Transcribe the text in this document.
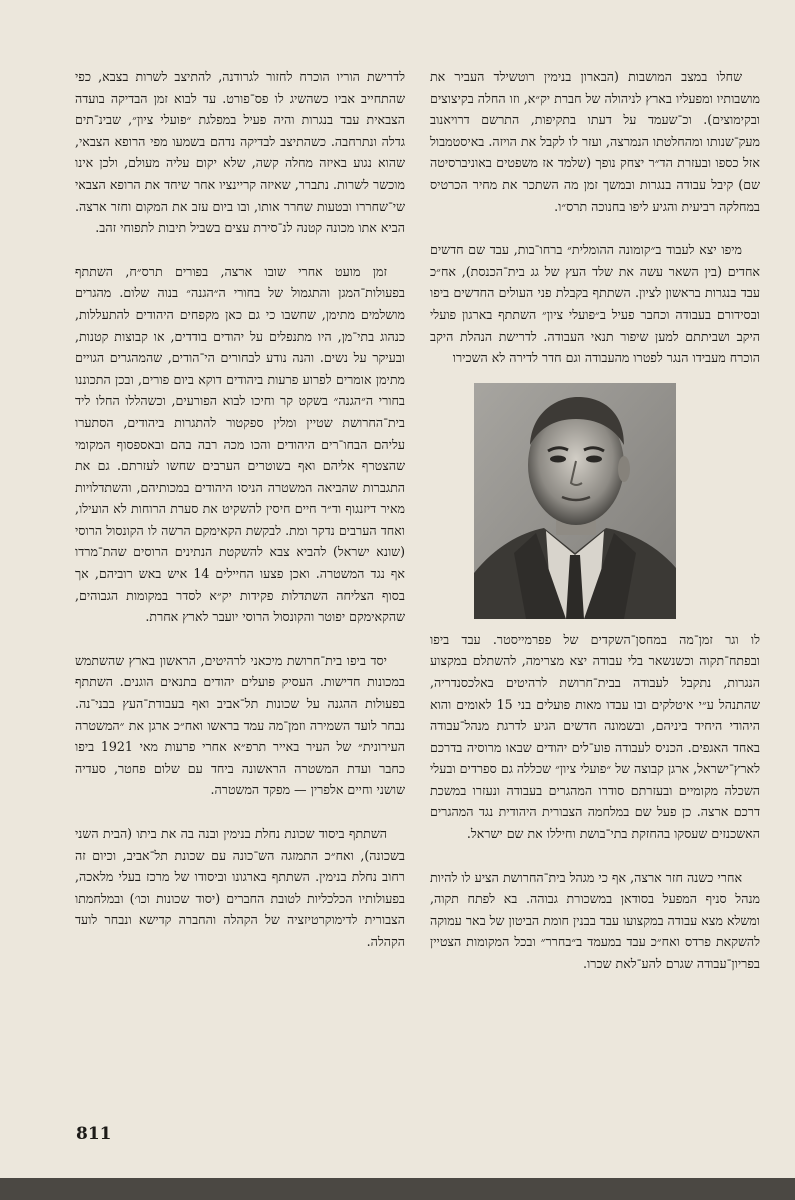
שחלו במצב המושבות (הבארון בנימין רוטשילד העביר את מושבותיו ומפעליו בארץ לניהולה של חברת יק״א, וזו החלה בקיצוצים ובקימוצים). וכ־שעמד על דעתו בתקיפות, התרשם דרויאנוב מעק־שנותו ומהחלטתו הנמרצה, ועזר לו לקבל את הויזה. באיסטמבול אזל כספו ובעזרת הד״ר יצחק נופך (שלמד אז משפטים באוניברסיטה שם) קיבל עבודה בנגרות ובמשך זמן מה השתכר את מחיר הכרטיס במחלקה רביעית והגיע ליפו בחנוכה תרס״ו.

מיפו יצא לעבוד ב״קומונה ההומלית״ ברחו־בות, עבד שם חדשים אחדים (בין השאר עשה את שלד העץ של גג בית־הכנסת), אח״כ עבד בנגרות בראשון לציון. השתתף בקבלת פני העולים החדשים ביפו ובסידורם בעבודה וכחבר פעיל ב״פועלי ציון״ השתתף בארגון פועלי היקב ושביתתם למען שיפור תנאי העבודה. לדרישת הנהלת היקב הוכרח מעבידו הנגר לפטרו מהעבודה וגם חדר לדירה לא השכירו

לו וגר זמן־מה במחסן־השקדים של פפרמייסטר. עבד ביפו ובפתח־תקוה וכשנשאר בלי עבודה יצא מצרימה, להשתלם במקצוע הנגרות, נתקבל לעבודה בבית־חרושת לרהיטים באלכסנדריה, שהתנהל ע״י איטלקים ובו עבדו מאות פועלים בני 15 לאומים והוא היהודי היחיד ביניהם, ובשמונה חדשים הגיע לדרגת מנהל־עבודה באחד האגפים. הכניס לעבודה פוע־לים יהודים שבאו מרוסיה בדרכם לארץ־ישראל, ארגן קבוצה של ״פועלי ציון״ שכללה גם ספרדים ובעלי השכלה מקומיים ובעזרתם סודרו המהגרים בעבודה ונעזרו במשכת דרכם ארצה. כן פעל שם במלחמה הצבורית היהודית נגד המהגרים האשכנזים שעסקו בהחזקת בתי־בושת וחיללו את שם ישראל.

אחרי כשנה חזר ארצה, אף כי מגהל בית־החרושת הציע לו להיות מנהל סניף המפעל בסודאן במשכורת גבוהה. בא לפתח תקוה, ומשלא מצא עבודה במקצועו עבד בבנין חומת הביטון של באר עמוקה להשקאת פרדס ואח״כ עבד במעמד ב״בחרר״ ובכל המקומות הצטיין בפריון־עבודה שגרם להע־לאת שכרו.

לדרישת הוריו הוכרח לחזור לגרודנה, להתיצב לשרות בצבא, כפי שהתחייב אביו כשהשיג לו פס־פורט. עד לבוא זמן הבדיקה בועדה הצבאית עבד בנגרות והיה פעיל במפלגת ״פועלי ציון״, שבינ־תים גדלה ונתרחבה. כשהתיצב לבדיקה נדהם בשמעו מפי הרופא הצבאי, שהוא נגוע באיזה מחלה קשה, שלא יקום עליה מעולם, ולכן אינו מוכשר לשרות. נתברר, שאיזה קריינציו אחר שיחד את הרופא הצבאי שי־שחררו ובטעות שחרר אותו, ובו ביום עזב את המקום וחזר ארצה. הביא אתו מכונה קטנה לנ־סירת עצים בשביל תיבות לתפוחי זהב.

זמן מועט אחרי שובו ארצה, בפורים תרס״ח, השתתף בפעולות־המגן והתגמול של בחורי ה״הגנה״ בנוה שלום. מהגרים מושלמים מתימן, שחשבו כי גם כאן מקפחים היהודים להתעללות, כנהוג בתי־מן, היו מתנפלים על יהודים בודדים, או קבוצות קטנות, ובעיקר על נשים. והנה נודע לבחורים הי־הודים, שהמהגרים הגויים מתימן אומרים לפרוע פרעות ביהודים דוקא ביום פורים, ובכן התכוננו בחורי ה״הגנה״ בשקט קר וחיכו לבוא הפורעים, וכשהללו החלו ליד בית־החרושת שטיין ומלין ספקטור להתגרות ביהודים, הסתערו עליהם הבחו־רים היהודים והכו מכה רבה בהם ובאספסוף המקומי שהצטרף אליהם ואף בשוטרים הערבים שחשו לעזרתם. גם את התגברות שהביאה המשטרה הניסו היהודים במכותיהם, והשתדלויות מאיר דיזנגוף וד״ר חיים חיסין להשקיט את סערת הרוחות לא הועילו, ואחד הערבים נדקר ומת. לבקשת הקאימקם הרשה לו הקונסול הרוסי (שונא ישראל) להביא צבא להשקטת הנתינים הרוסים שהת־מרדו אף נגד המשטרה. ואכן פצעו החיילים 14 איש באש רוביהם, אך בסוף הצליחה השתדלות פקידות יק״א לסדר במקומות הגבוהים, שהקאימקם יפוטר והקונסול הרוסי יועבר לארץ אחרת.

יסד ביפו בית־חרושת מיכאני לרהיטים, הראשון בארץ שהשתמש במכונות חדישות. העסיק פועלים יהודים בתנאים הוגנים. השתתף בפעולות ההגנה על שכונות תל־אביב ואף בעבודת־העץ בבני־נה. נבחר לועד השמירה וזמן־מה עמד בראשו ואח״כ ארגן את ״המשטרה העירונית״ של העיר באייר תרפ״א אחרי פרעות מאי 1921 ביפו כחבר ועדת המשטרה הראשונה ביחד עם שלום פחטר, סעדיה שושני וחיים אלפרין — מפקד המשטרה.

השתתף ביסוד שכונת נחלת בנימין ובנה בה את ביתו (הבית השני בשכונה), ואח״כ התמזגה הש־כונה עם שכונת תל־אביב, וכיום זה רחוב נחלת בנימין. השתתף בארגונו וביסודו של מרכז בעלי מלאכה, בפעולותיו הכלכליות לטובת החברים (יסוד שכונות וכו׳) ובמלחמתו הצבורית לדימוקרטיזציה של הקהלה והחברה קדישא ונבחר לועד הקהלה.

811
